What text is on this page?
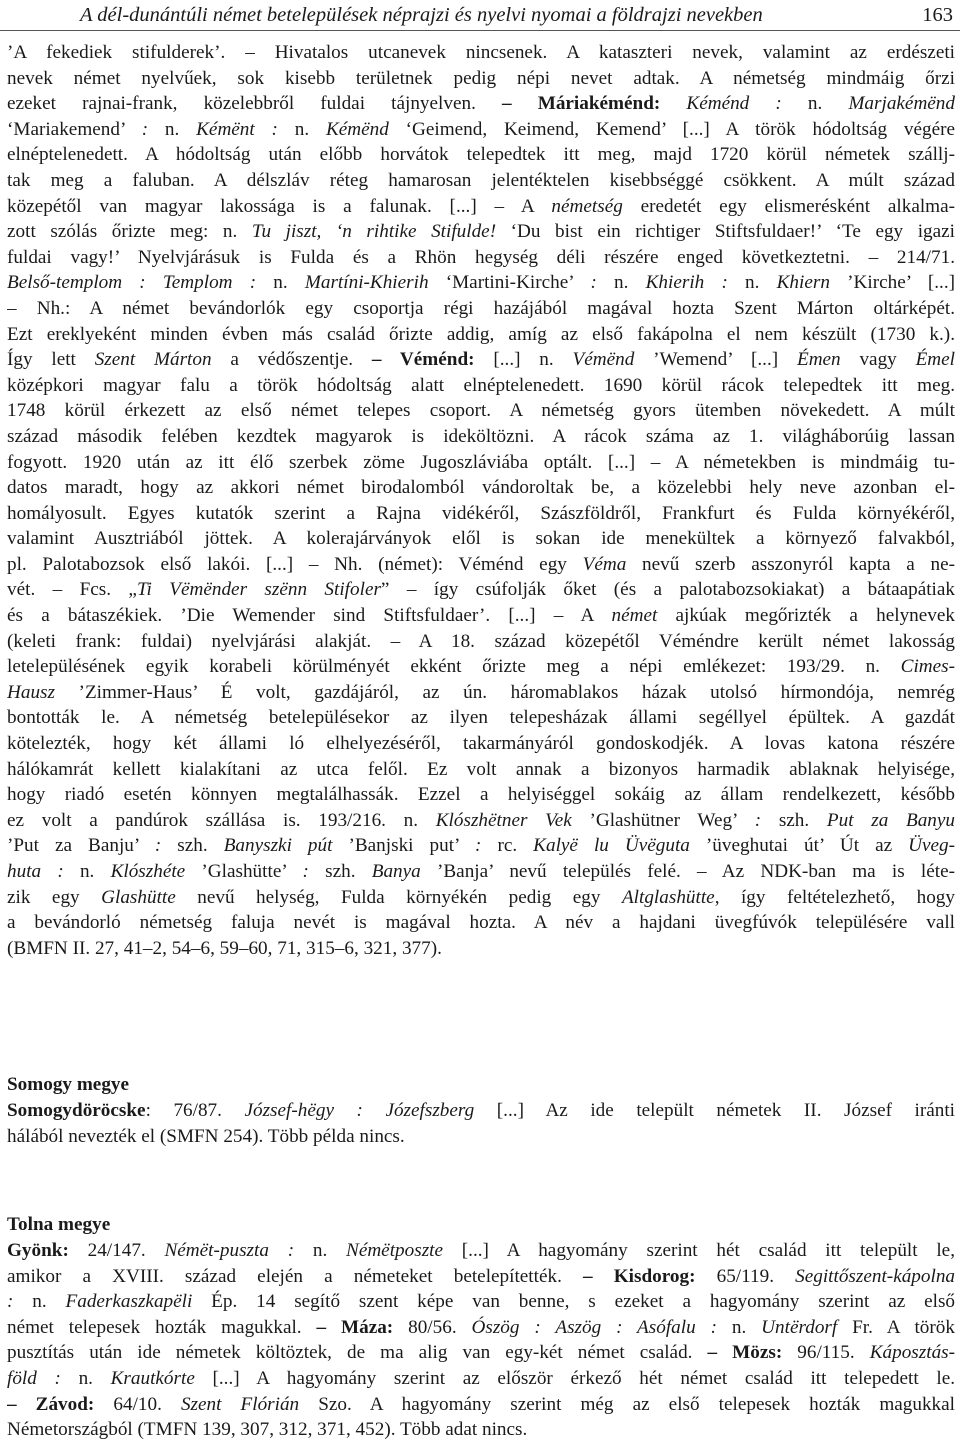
A dél-dunántúli német betelepülések néprajzi és nyelvi nyomai a földrajzi nevekben	163
’A fekediek stifulderek’. – Hivatalos utcanevek nincsenek. A kataszteri nevek, valamint az erdészeti
nevek német nyelvűek, sok kisebb területnek pedig népi nevet adtak. A németség mindmáig őrzi
ezeket rajnai-frank, közelebbről fuldai tájnyelven. – Máriakéménd: Kéménd : n. Marjakémënd
‘Mariakemend’ : n. Kémënt : n. Kémënd ‘Geimend, Keimend, Kemend’ [...] A török hódoltság végére
elnéptelenedett. A hódoltság után előbb horvátok telepedtek itt meg, majd 1720 körül németek szállj-
tak meg a faluban. A délszláv réteg hamarosan jelentéktelen kisebbséggé csökkent. A múlt század
közepétől van magyar lakossága is a falunak. [...] – A németség eredetét egy elismerésként alkalma-
zott szólás őrizte meg: n. Tu jiszt, ‘n rihtike Stifulde! ‘Du bist ein richtiger Stiftsfuldaer!’ ‘Te egy igazi
fuldai vagy!’ Nyelvjárásuk is Fulda és a Rhön hegység déli részére enged következtetni. – 214/71.
Belső-templom : Templom : n. Martíni-Khierih ‘Martini-Kirche’ : n. Khierih : n. Khiern ’Kirche’ [...]
– Nh.: A német bevándorlók egy csoportja régi hazájából magával hozta Szent Márton oltárképét.
Ezt ereklyeként minden évben más család őrizte addig, amíg az első fakápolna el nem készült (1730 k.).
Így lett Szent Márton a védőszentje. – Véménd: [...] n. Vémënd ’Wemend’ [...] Émen vagy Émel
középkori magyar falu a török hódoltság alatt elnéptelenedett. 1690 körül rácok telepedtek itt meg.
1748 körül érkezett az első német telepes csoport. A németség gyors ütemben növekedett. A múlt
század második felében kezdtek magyarok is ideköltözni. A rácok száma az 1. világháborúig lassan
fogyott. 1920 után az itt élő szerbek zöme Jugoszláviába optált. [...] – A németekben is mindmáig tu-
datos maradt, hogy az akkori német birodalomból vándoroltak be, a közelebbi hely neve azonban el-
homályosult. Egyes kutatók szerint a Rajna vidékéről, Szászföldről, Frankfurt és Fulda környékéről,
valamint Ausztriából jöttek. A kolerajárványok elől is sokan ide menekültek a környező falvakból,
pl. Palotabozsok első lakói. [...] – Nh. (német): Véménd egy Véma nevű szerb asszonyról kapta a ne-
vét. – Fcs. „Ti Vëmënder szënn Stifoler” – így csúfolják őket (és a palotabozsokiakat) a bátaapátiak
és a bátaszékiek. ’Die Wemender sind Stiftsfuldaer’. [...] – A német ajkúak megőrizték a helynevek
(keleti frank: fuldai) nyelvjárási alakját. – A 18. század közepétől Véméndre került német lakosság
letelepülésének egyik korabeli körülményét ekként őrizte meg a népi emlékezet: 193/29. n. Cimes-
Hausz ’Zimmer-Haus’ É volt, gazdájáról, az ún. háromablakos házak utolsó hírmondója, nemrég
bontották le. A németség betelepülésekor az ilyen telepesházak állami segéllyel épültek. A gazdát
kötelezték, hogy két állami ló elhelyezéséről, takarmányáról gondoskodjék. A lovas katona részére
hálókamrát kellett kialakítani az utca felől. Ez volt annak a bizonyos harmadik ablaknak helyisége,
hogy riadó esetén könnyen megtalálhassák. Ezzel a helyiséggel sokáig az állam rendelkezett, később
ez volt a pandúrok szállása is. 193/216. n. Klószhëtner Vek ’Glashütner Weg’ : szh. Put za Banyu
’Put za Banju’ : szh. Banyszki pút ’Banjski put’ : rc. Kalyë lu Üvëguta ’üveghutai út’ Út az Üveg-
huta : n. Klószhéte ’Glashütte’ : szh. Banya ’Banja’ nevű település felé. – Az NDK-ban ma is léte-
zik egy Glashütte nevű helység, Fulda környékén pedig egy Altglashütte, így feltételezhető, hogy
a bevándorló németség faluja nevét is magával hozta. A név a hajdani üvegfúvók településére vall
(BMFN II. 27, 41–2, 54–6, 59–60, 71, 315–6, 321, 377).
Somogy megye
Somogydöröcske: 76/87. József-hëgy : Józefszberg [...] Az ide települt németek II. József iránti
hálából nevezték el (SMFN 254). Több példa nincs.
Tolna megye
Gyönk: 24/147. Némët-puszta : n. Némëtposzte [...] A hagyomány szerint hét család itt települt le,
amikor a XVIII. század elején a németeket betelepítették. – Kisdorog: 65/119. Segittőszent-kápolna
: n. Faderkaszkapëli Ép. 14 segítő szent képe van benne, s ezeket a hagyomány szerint az első
német telepesek hozták magukkal. – Máza: 80/56. Ószög : Aszög : Asófalu : n. Untërdorf Fr. A török
pusztítás után ide németek költöztek, de ma alig van egy-két német család. – Mözs: 96/115. Káposztás-
föld : n. Krautkórte [...] A hagyomány szerint az először érkező hét német család itt telepedett le.
– Závod: 64/10. Szent Flórián Szo. A hagyomány szerint még az első telepesek hozták magukkal
Németországból (TMFN 139, 307, 312, 371, 452). Több adat nincs.
